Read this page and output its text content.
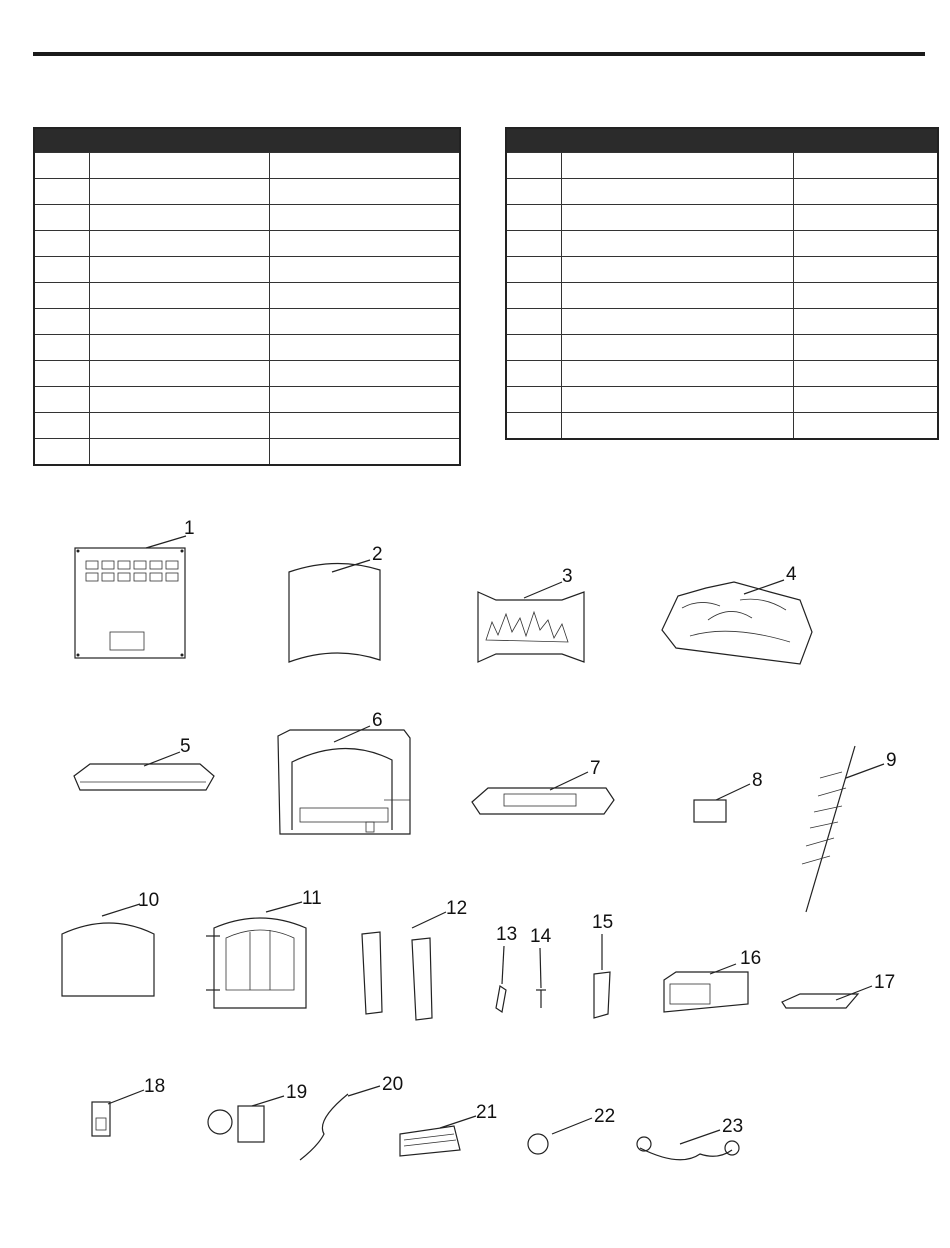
1
2
3	4
5
6
7
8
9
10	11	12
13 14
15
16
17
18	19	20
21	22	23
